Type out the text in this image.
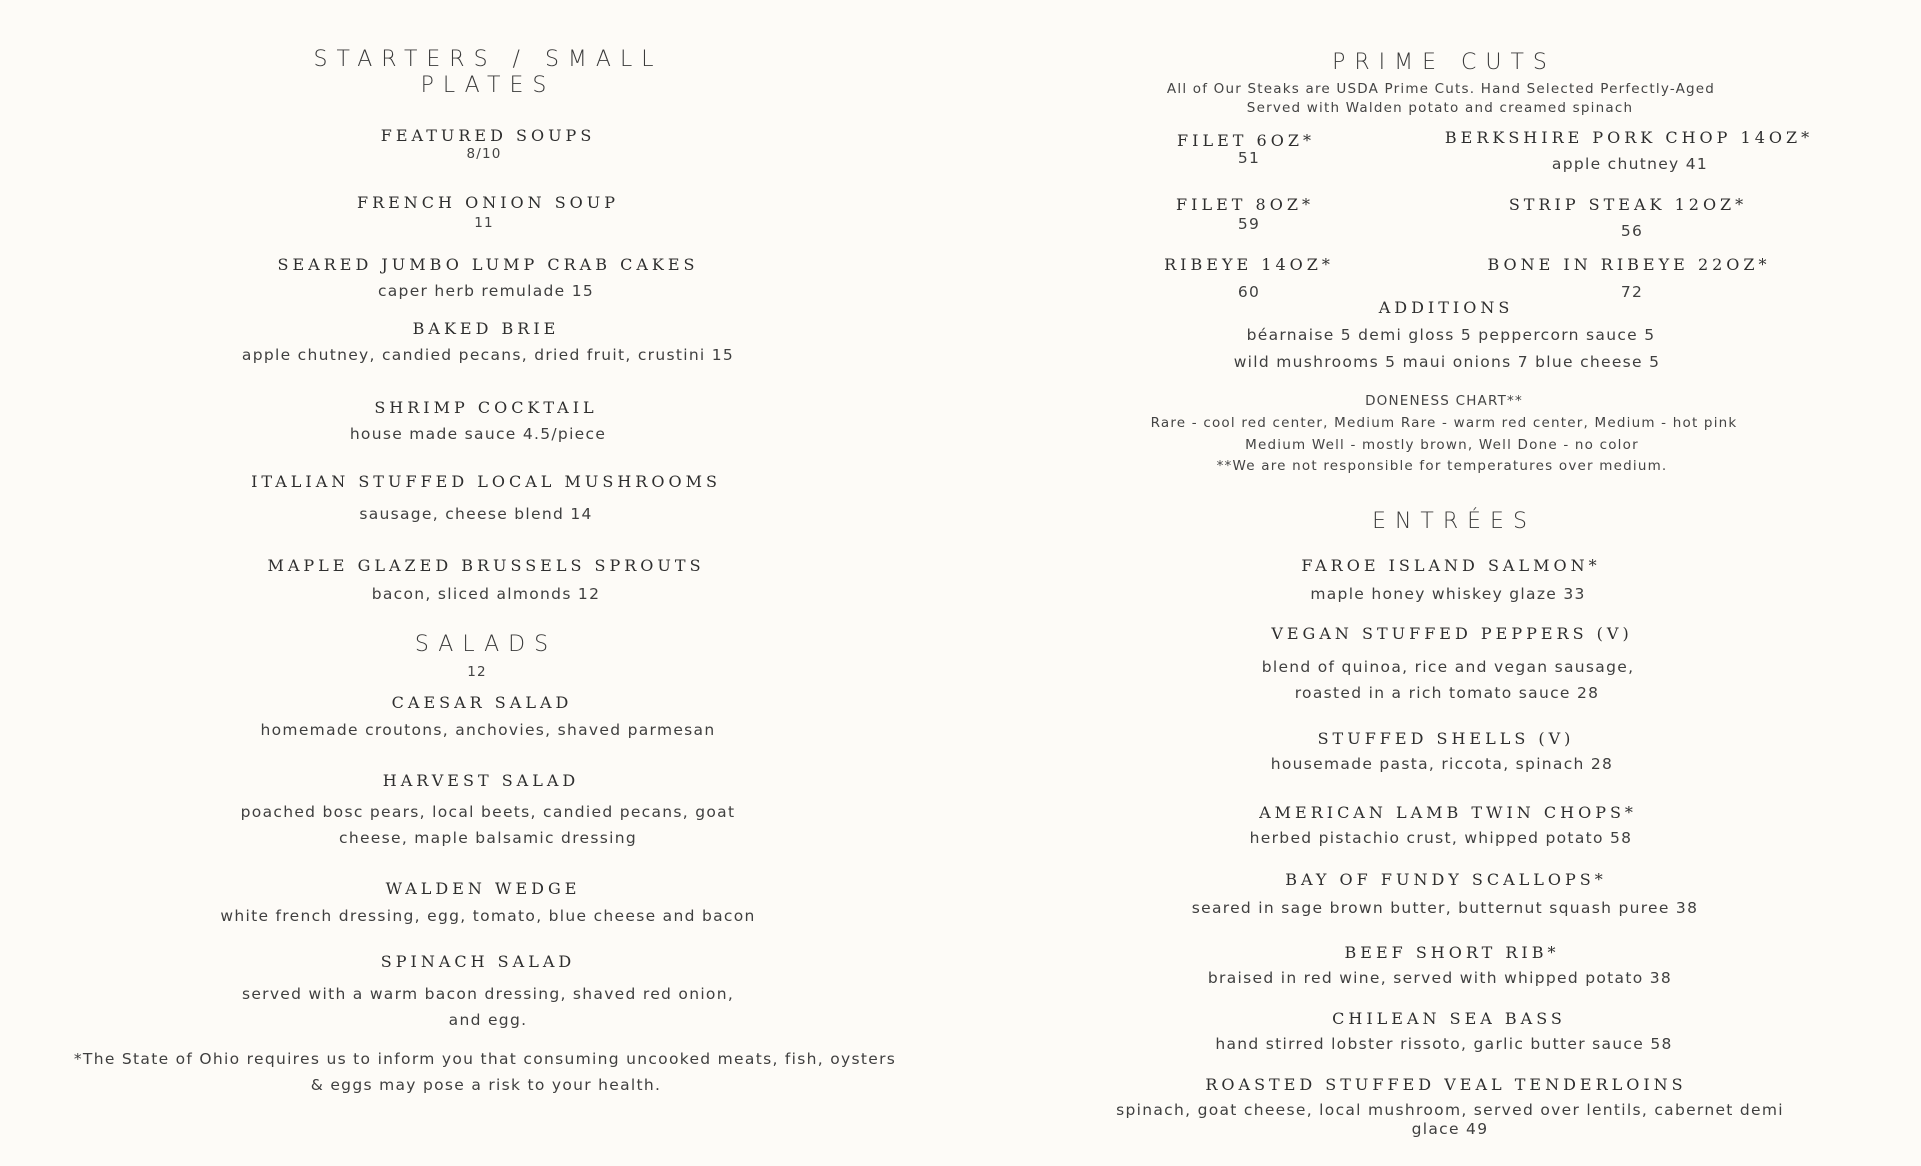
STARTERS / SMALL
PLATES
FEATURED SOUPS
8/10
FRENCH ONION SOUP
11
SEARED JUMBO LUMP CRAB CAKES
caper herb remulade 15
BAKED BRIE
apple chutney, candied pecans, dried fruit, crustini 15
SHRIMP COCKTAIL
house made sauce 4.5/piece
ITALIAN STUFFED LOCAL MUSHROOMS
sausage, cheese blend 14
MAPLE GLAZED BRUSSELS SPROUTS
bacon, sliced almonds 12
SALADS
12
CAESAR SALAD
homemade croutons, anchovies, shaved parmesan
HARVEST SALAD
poached bosc pears, local beets, candied pecans, goat
cheese, maple balsamic dressing
WALDEN WEDGE
white french dressing, egg, tomato, blue cheese and bacon
SPINACH SALAD
served with a warm bacon dressing, shaved red onion,
and egg.
*The State of Ohio requires us to inform you that consuming uncooked meats, fish, oysters
& eggs may pose a risk to your health.
PRIME CUTS
All of Our Steaks are USDA Prime Cuts. Hand Selected Perfectly-Aged
Served with Walden potato and creamed spinach
FILET 6OZ*
51
BERKSHIRE PORK CHOP 14OZ*
apple chutney 41
FILET 8OZ*
59
STRIP STEAK 12OZ*
56
RIBEYE 14OZ*
60
BONE IN RIBEYE 22OZ*
72
ADDITIONS
béarnaise 5 demi gloss 5 peppercorn sauce 5
wild mushrooms 5 maui onions 7 blue cheese 5
DONENESS CHART**
Rare - cool red center, Medium Rare - warm red center, Medium - hot pink
Medium Well - mostly brown, Well Done - no color
**We are not responsible for temperatures over medium.
ENTRÉES
FAROE ISLAND SALMON*
maple honey whiskey glaze 33
VEGAN STUFFED PEPPERS (V)
blend of quinoa, rice and vegan sausage,
roasted in a rich tomato sauce 28
STUFFED SHELLS (V)
housemade pasta, riccota, spinach 28
AMERICAN LAMB TWIN CHOPS*
herbed pistachio crust, whipped potato 58
BAY OF FUNDY SCALLOPS*
seared in sage brown butter, butternut squash puree 38
BEEF SHORT RIB*
braised in red wine, served with whipped potato 38
CHILEAN SEA BASS
hand stirred lobster rissoto, garlic butter sauce 58
ROASTED STUFFED VEAL TENDERLOINS
spinach, goat cheese, local mushroom, served over lentils, cabernet demi
glace 49
